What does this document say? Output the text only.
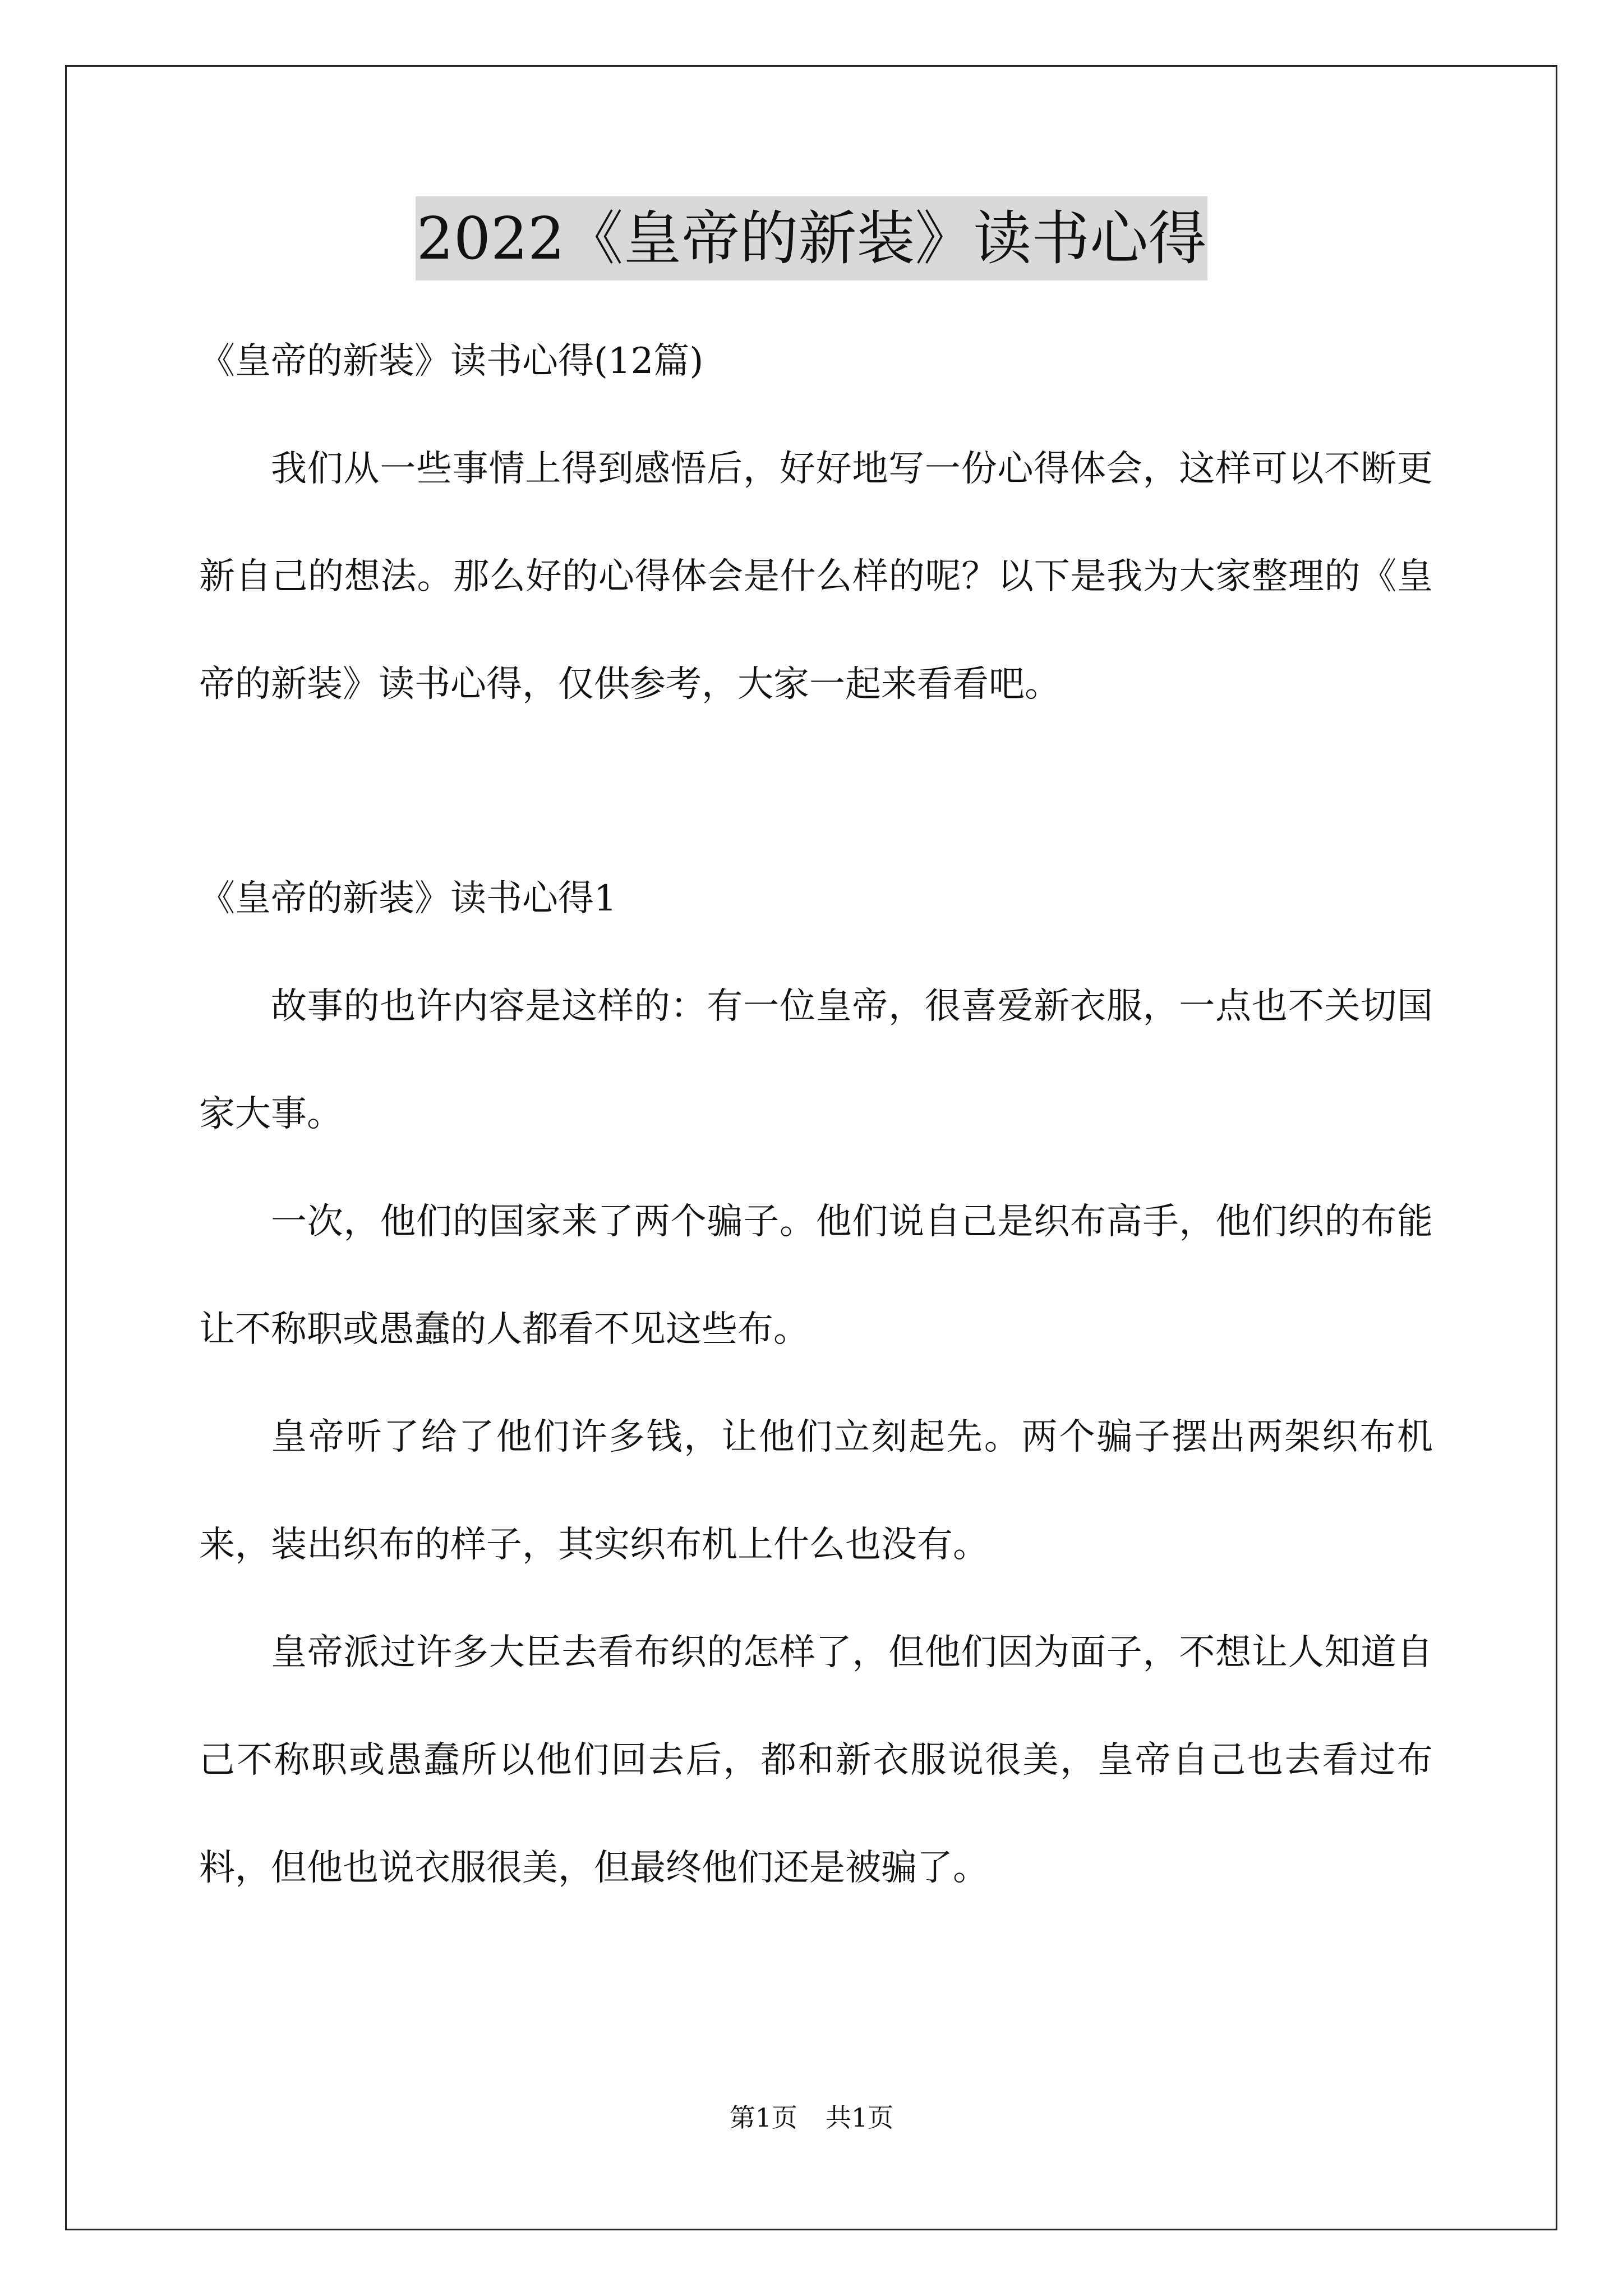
2022《皇帝的新装》读书心得

《皇帝的新装》读书心得(12篇)

我们从一些事情上得到感悟后，好好地写一份心得体会，这样可以不断更新自己的想法。那么好的心得体会是什么样的呢？以下是我为大家整理的《皇帝的新装》读书心得，仅供参考，大家一起来看看吧。

《皇帝的新装》读书心得1

故事的也许内容是这样的：有一位皇帝，很喜爱新衣服，一点也不关切国家大事。

一次，他们的国家来了两个骗子。他们说自己是织布高手，他们织的布能让不称职或愚蠢的人都看不见这些布。

皇帝听了给了他们许多钱，让他们立刻起先。两个骗子摆出两架织布机来，装出织布的样子，其实织布机上什么也没有。

皇帝派过许多大臣去看布织的怎样了，但他们因为面子，不想让人知道自己不称职或愚蠢所以他们回去后，都和新衣服说很美，皇帝自己也去看过布料，但他也说衣服很美，但最终他们还是被骗了。

第1页 共1页
